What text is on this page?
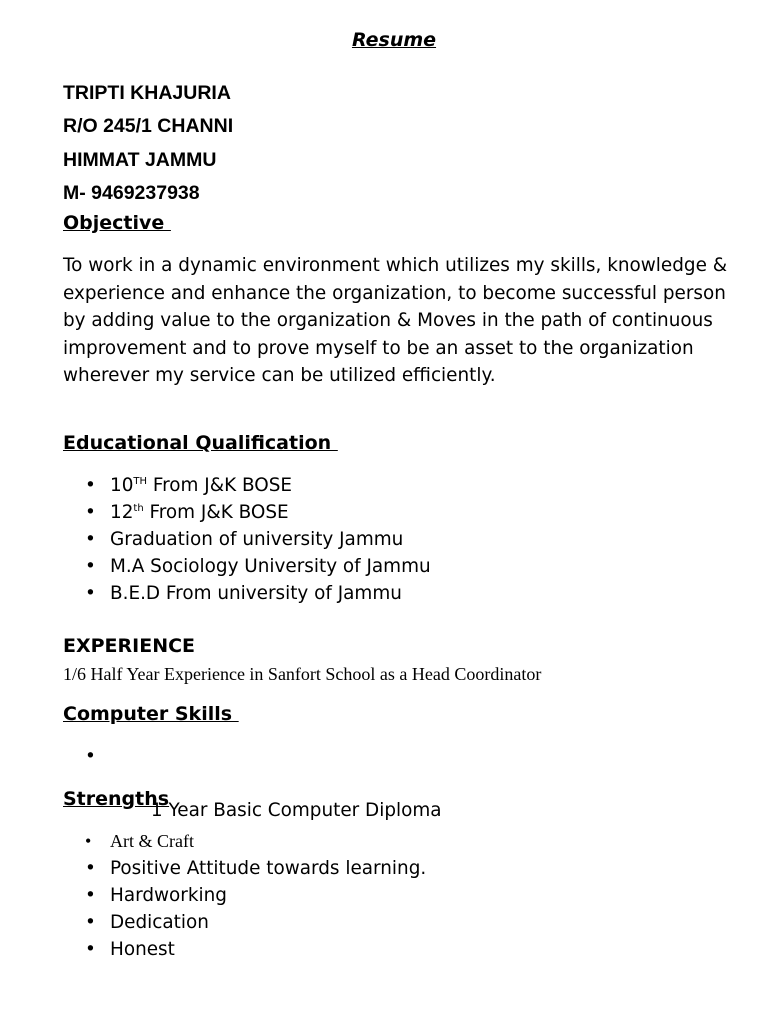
Resume
TRIPTI KHAJURIA
R/O 245/1 CHANNI
HIMMAT JAMMU
M- 9469237938
Objective

To work in a dynamic environment which utilizes my skills, knowledge & experience and enhance the organization, to become successful person by adding value to the organization & Moves in the path of continuous improvement and to prove myself to be an asset to the organization wherever my service can be utilized efficiently.

Educational Qualification
• 10TH From J&K BOSE
• 12th From J&K BOSE
• Graduation of university Jammu
• M.A Sociology University of Jammu
• B.E.D From university of Jammu
EXPERIENCE
1/6 Half Year Experience in Sanfort School as a Head Coordinator
Computer Skills

•

1 Year Basic Computer Diploma

Strengths
• Art & Craft
• Positive Attitude towards learning.
• Hardworking
• Dedication
• Honest
